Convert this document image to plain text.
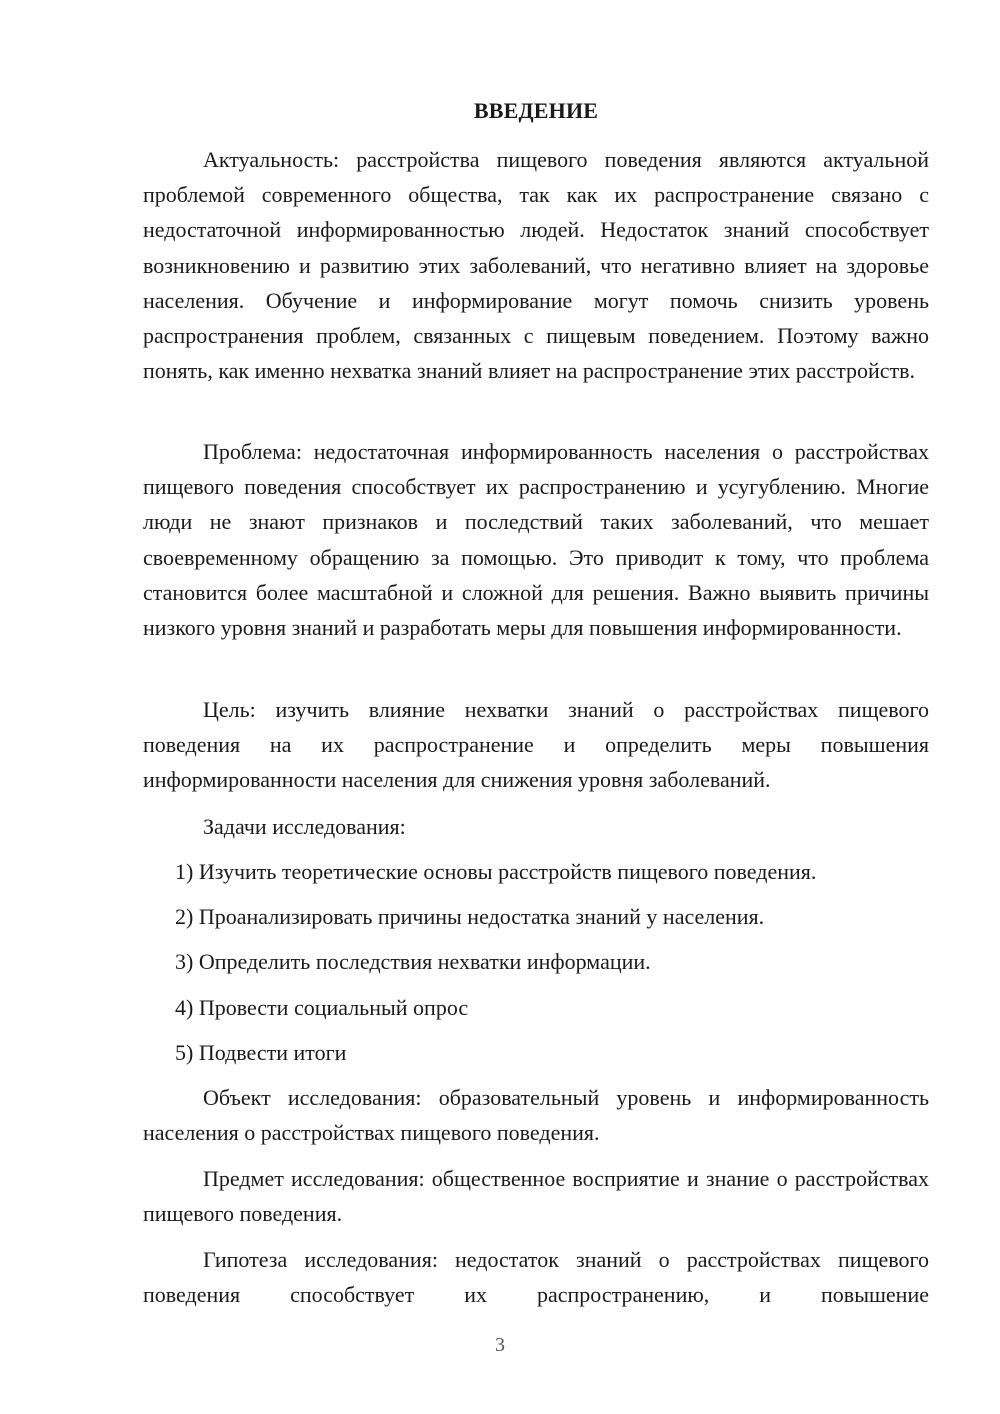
ВВЕДЕНИЕ

Актуальность: расстройства пищевого поведения являются актуальной проблемой современного общества, так как их распространение связано с недостаточной информированностью людей. Недостаток знаний способствует возникновению и развитию этих заболеваний, что негативно влияет на здоровье населения. Обучение и информирование могут помочь снизить уровень распространения проблем, связанных с пищевым поведением. Поэтому важно понять, как именно нехватка знаний влияет на распространение этих расстройств.

Проблема: недостаточная информированность населения о расстройствах пищевого поведения способствует их распространению и усугублению. Многие люди не знают признаков и последствий таких заболеваний, что мешает своевременному обращению за помощью. Это приводит к тому, что проблема становится более масштабной и сложной для решения. Важно выявить причины низкого уровня знаний и разработать меры для повышения информированности.

Цель: изучить влияние нехватки знаний о расстройствах пищевого поведения на их распространение и определить меры повышения информированности населения для снижения уровня заболеваний.

Задачи исследования:

1) Изучить теоретические основы расстройств пищевого поведения.

2) Проанализировать причины недостатка знаний у населения.

3) Определить последствия нехватки информации.

4) Провести социальный опрос

5) Подвести итоги

Объект исследования: образовательный уровень и информированность населения о расстройствах пищевого поведения.

Предмет исследования: общественное восприятие и знание о расстройствах пищевого поведения.

Гипотеза исследования: недостаток знаний о расстройствах пищевого поведения способствует их распространению, и повышение

3
